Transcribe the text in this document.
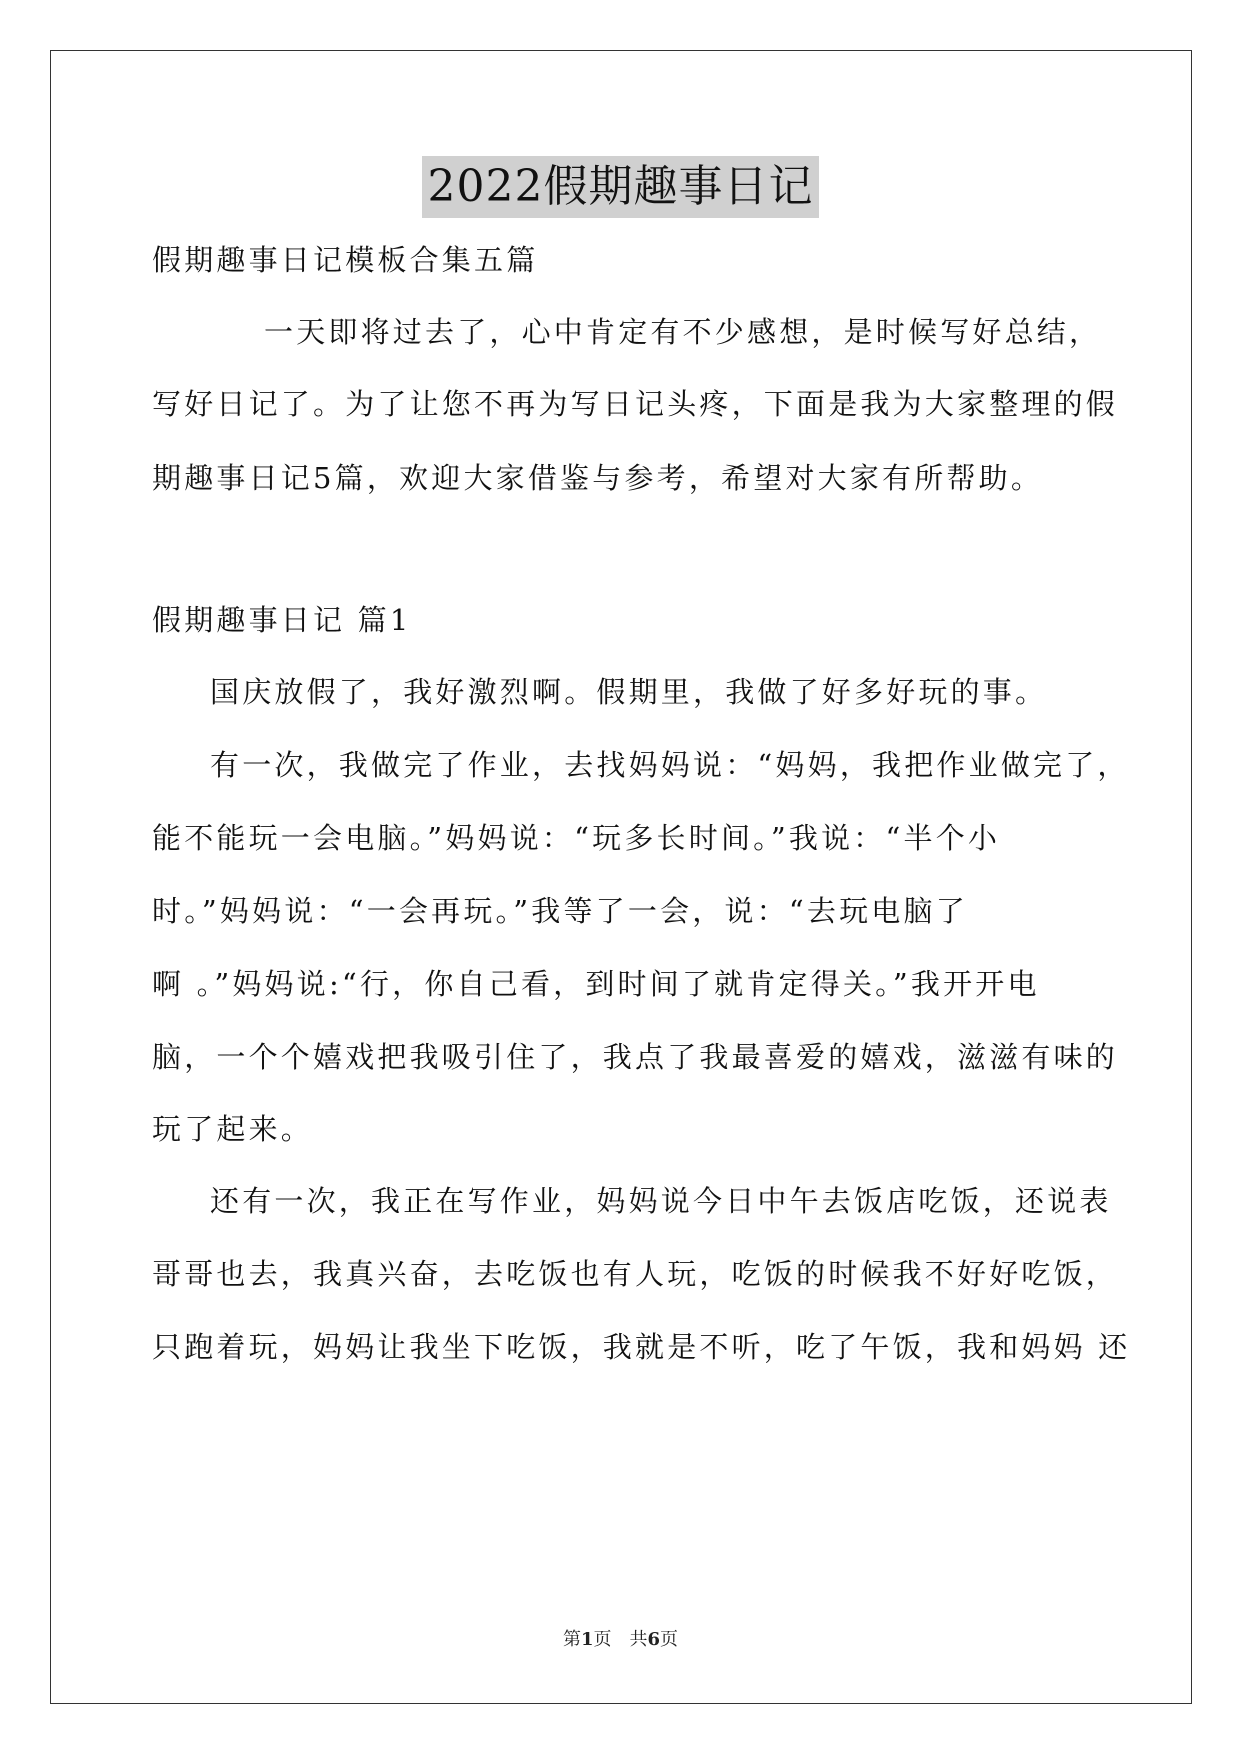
2022假期趣事日记
假期趣事日记模板合集五篇
一天即将过去了，心中肯定有不少感想，是时候写好总结，
写好日记了。为了让您不再为写日记头疼，下面是我为大家整理的假
期趣事日记5篇，欢迎大家借鉴与参考，希望对大家有所帮助。
假期趣事日记 篇1
国庆放假了，我好激烈啊。假期里，我做了好多好玩的事。
有一次，我做完了作业，去找妈妈说：“妈妈，我把作业做完了，
能不能玩一会电脑。”妈妈说：“玩多长时间。”我说：“半个小
时。”妈妈说：“一会再玩。”我等了一会，说：“去玩电脑了
啊 。”妈妈说:“行，你自己看，到时间了就肯定得关。”我开开电
脑，一个个嬉戏把我吸引住了，我点了我最喜爱的嬉戏，滋滋有味的
玩了起来。
还有一次，我正在写作业，妈妈说今日中午去饭店吃饭，还说表
哥哥也去，我真兴奋，去吃饭也有人玩，吃饭的时候我不好好吃饭，
只跑着玩，妈妈让我坐下吃饭，我就是不听，吃了午饭，我和妈妈 还
第1页　共6页
